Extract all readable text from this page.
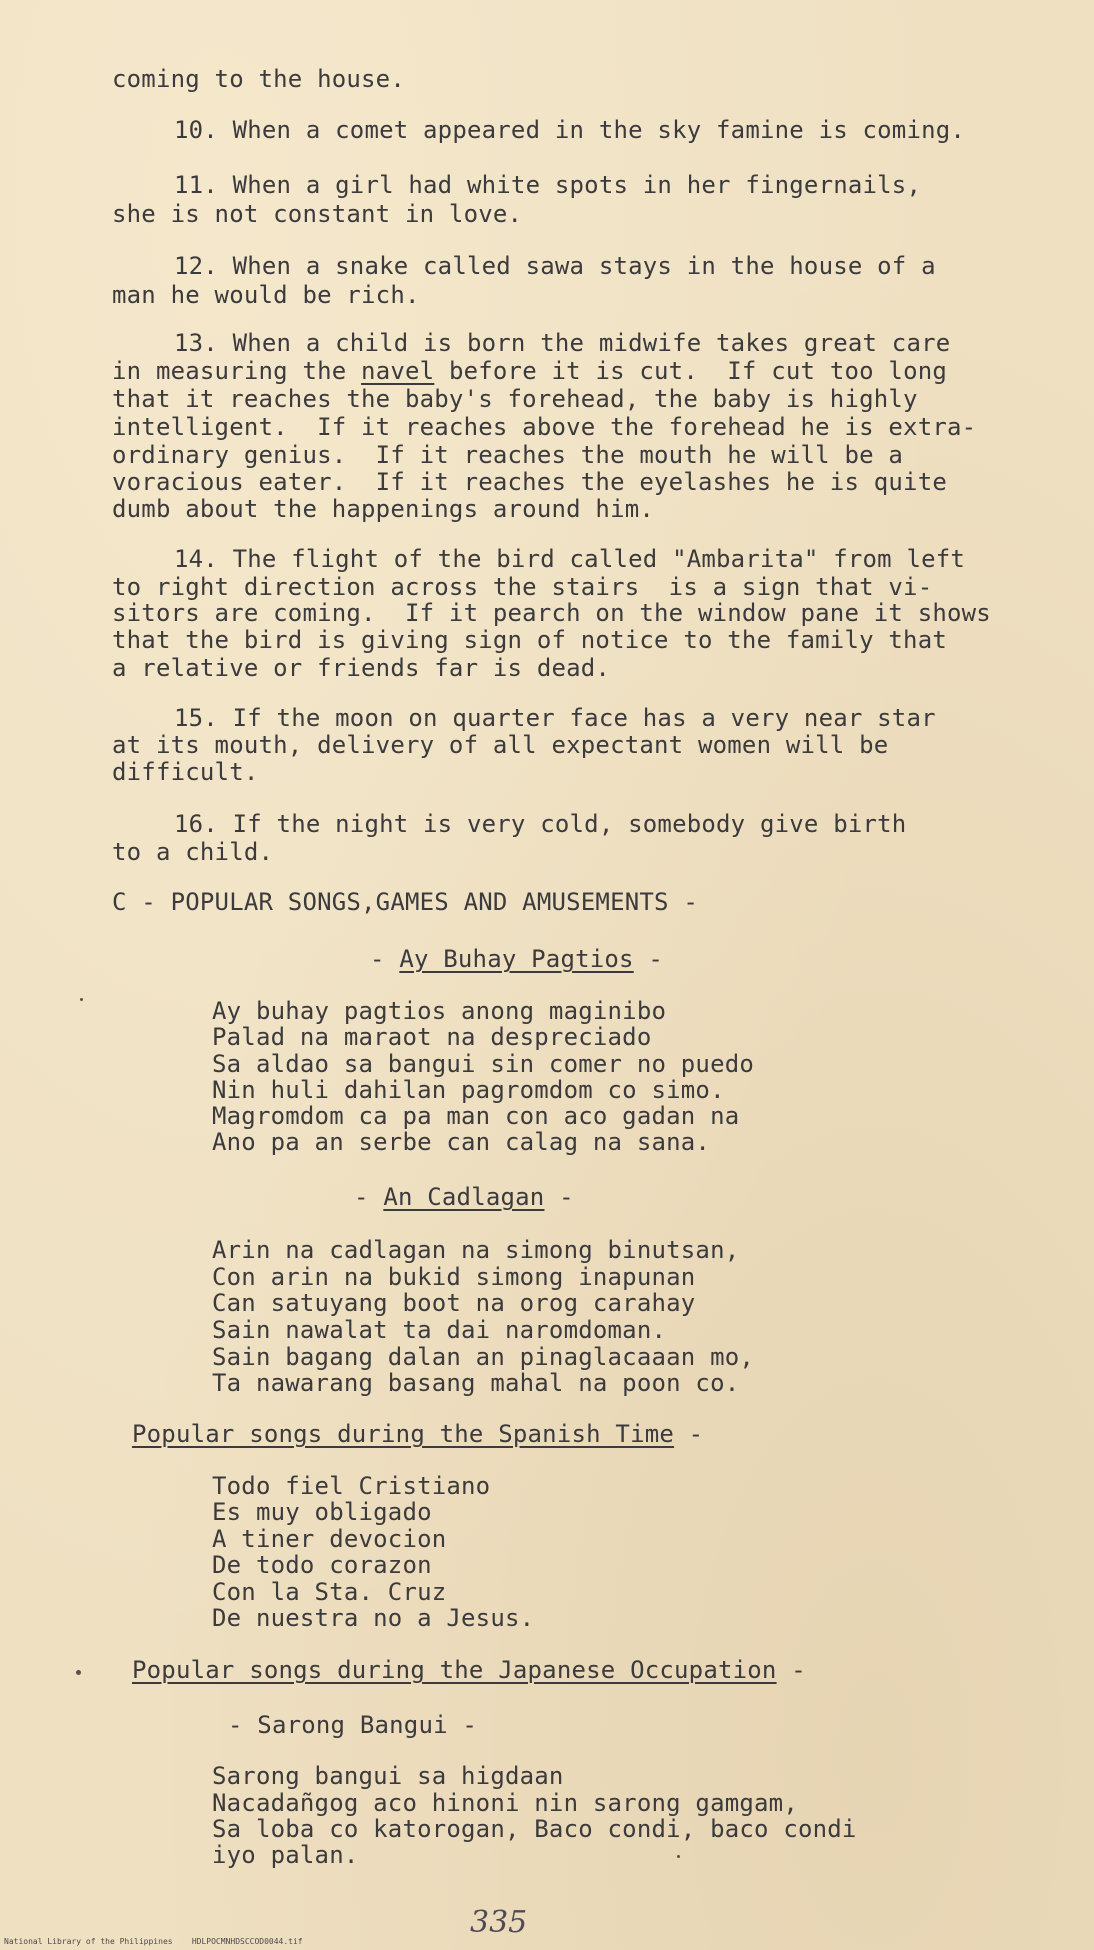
coming to the house.
10. When a comet appeared in the sky famine is coming.
11. When a girl had white spots in her fingernails,
she is not constant in love.
12. When a snake called sawa stays in the house of a
man he would be rich.
13. When a child is born the midwife takes great care
in measuring the navel before it is cut.  If cut too long
that it reaches the baby's forehead, the baby is highly
intelligent.  If it reaches above the forehead he is extra-
ordinary genius.  If it reaches the mouth he will be a
voracious eater.  If it reaches the eyelashes he is quite
dumb about the happenings around him.
14. The flight of the bird called "Ambarita" from left
to right direction across the stairs  is a sign that vi-
sitors are coming.  If it pearch on the window pane it shows
that the bird is giving sign of notice to the family that
a relative or friends far is dead.
15. If the moon on quarter face has a very near star
at its mouth, delivery of all expectant women will be
difficult.
16. If the night is very cold, somebody give birth
to a child.
C - POPULAR SONGS,GAMES AND AMUSEMENTS -
- Ay Buhay Pagtios -
Ay buhay pagtios anong maginibo
Palad na maraot na despreciado
Sa aldao sa bangui sin comer no puedo
Nin huli dahilan pagromdom co simo.
Magromdom ca pa man con aco gadan na
Ano pa an serbe can calag na sana.
- An Cadlagan -
Arin na cadlagan na simong binutsan,
Con arin na bukid simong inapunan
Can satuyang boot na orog carahay
Sain nawalat ta dai naromdoman.
Sain bagang dalan an pinaglacaaan mo,
Ta nawarang basang mahal na poon co.
Popular songs during the Spanish Time -
Todo fiel Cristiano
Es muy obligado
A tiner devocion
De todo corazon
Con la Sta. Cruz
De nuestra no a Jesus.
Popular songs during the Japanese Occupation -
- Sarong Bangui -
Sarong bangui sa higdaan
Nacadañgog aco hinoni nin sarong gamgam,
Sa loba co katorogan, Baco condi, baco condi
iyo palan.
335
National Library of the Philippines    HDLPOCMNHDSCCOD0044.tif
